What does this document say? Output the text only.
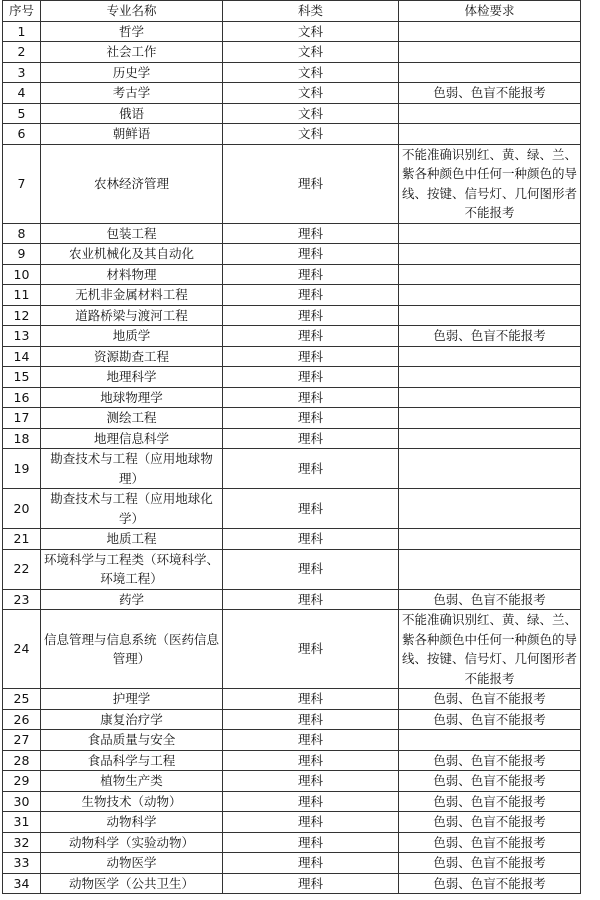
序号	专业名称	科类	体检要求
1	哲学	文科	
2	社会工作	文科	
3	历史学	文科	
4	考古学	文科	色弱、色盲不能报考
5	俄语	文科	
6	朝鲜语	文科	
7	农林经济管理	理科	不能准确识别红、黄、绿、兰、紫各种颜色中任何一种颜色的导线、按键、信号灯、几何图形者不能报考
8	包装工程	理科	
9	农业机械化及其自动化	理科	
10	材料物理	理科	
11	无机非金属材料工程	理科	
12	道路桥梁与渡河工程	理科	
13	地质学	理科	色弱、色盲不能报考
14	资源勘查工程	理科	
15	地理科学	理科	
16	地球物理学	理科	
17	测绘工程	理科	
18	地理信息科学	理科	
19	勘查技术与工程（应用地球物理）	理科	
20	勘查技术与工程（应用地球化学）	理科	
21	地质工程	理科	
22	环境科学与工程类（环境科学、环境工程）	理科	
23	药学	理科	色弱、色盲不能报考
24	信息管理与信息系统（医药信息管理）	理科	不能准确识别红、黄、绿、兰、紫各种颜色中任何一种颜色的导线、按键、信号灯、几何图形者不能报考
25	护理学	理科	色弱、色盲不能报考
26	康复治疗学	理科	色弱、色盲不能报考
27	食品质量与安全	理科	
28	食品科学与工程	理科	色弱、色盲不能报考
29	植物生产类	理科	色弱、色盲不能报考
30	生物技术（动物）	理科	色弱、色盲不能报考
31	动物科学	理科	色弱、色盲不能报考
32	动物科学（实验动物）	理科	色弱、色盲不能报考
33	动物医学	理科	色弱、色盲不能报考
34	动物医学（公共卫生）	理科	色弱、色盲不能报考
